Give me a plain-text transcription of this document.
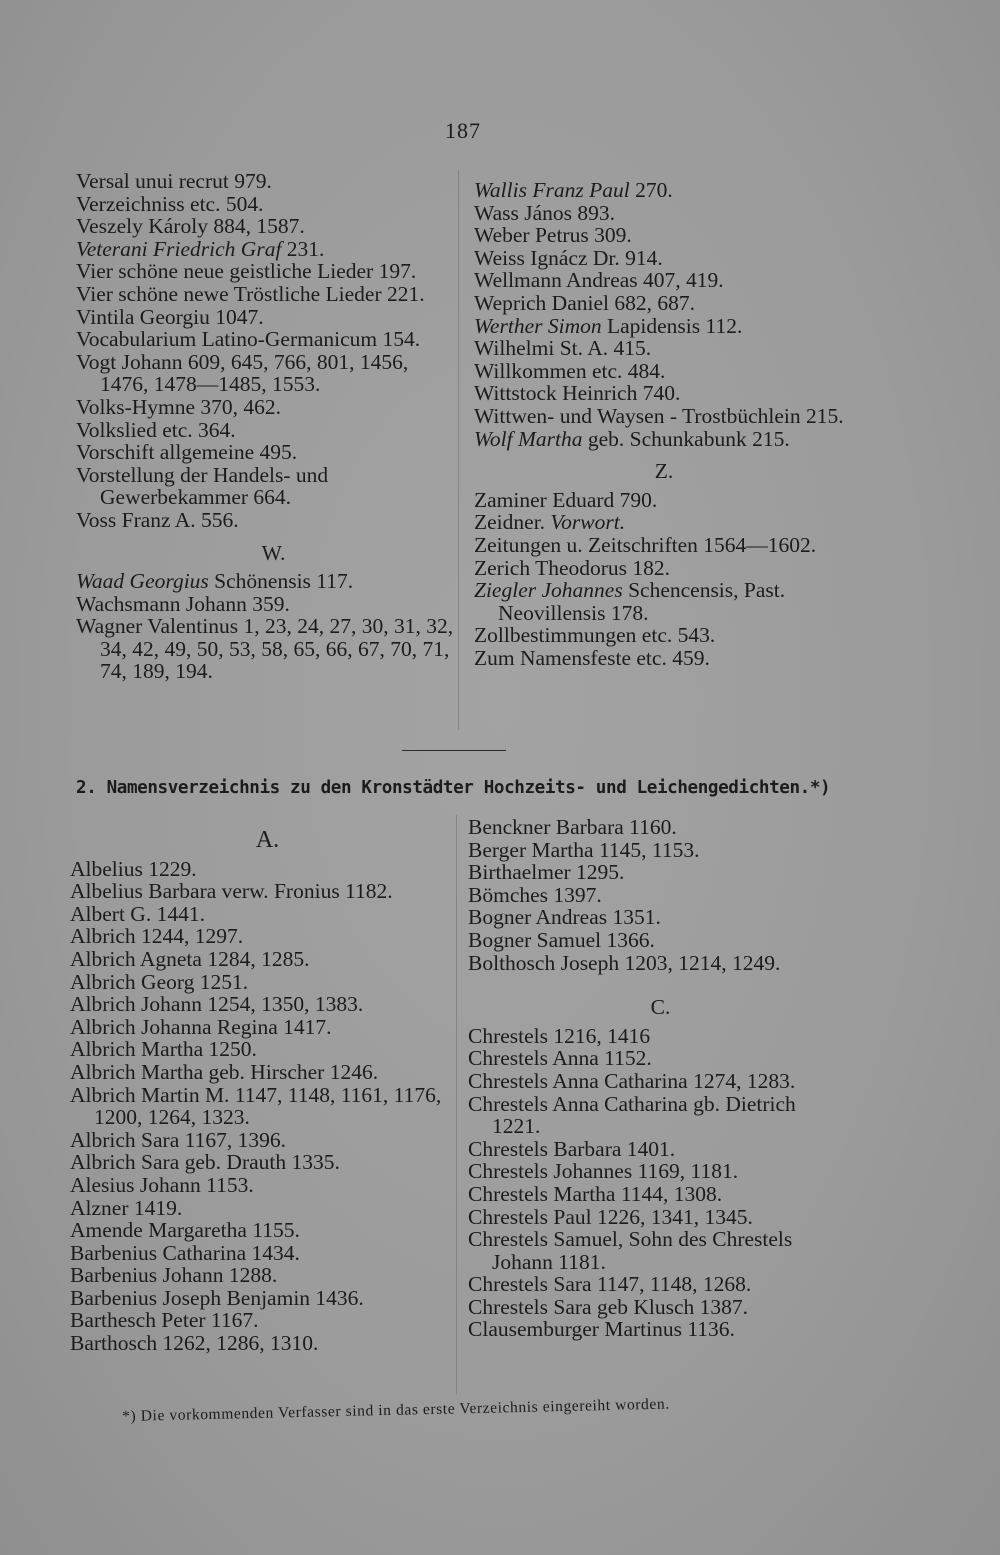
187
Versal unui recrut 979.
Verzeichniss etc. 504.
Veszely Károly 884, 1587.
Veterani Friedrich Graf 231.
Vier schöne neue geistliche Lieder 197.
Vier schöne newe Tröstliche Lieder 221.
Vintila Georgiu 1047.
Vocabularium Latino-Germanicum 154.
Vogt Johann 609, 645, 766, 801, 1456, 1476, 1478—1485, 1553.
Volks-Hymne 370, 462.
Volkslied etc. 364.
Vorschift allgemeine 495.
Vorstellung der Handels- und Gewerbekammer 664.
Voss Franz A. 556.
W.
Waad Georgius Schönensis 117.
Wachsmann Johann 359.
Wagner Valentinus 1, 23, 24, 27, 30, 31, 32, 34, 42, 49, 50, 53, 58, 65, 66, 67, 70, 71, 74, 189, 194.
Wallis Franz Paul 270.
Wass János 893.
Weber Petrus 309.
Weiss Ignácz Dr. 914.
Wellmann Andreas 407, 419.
Weprich Daniel 682, 687.
Werther Simon Lapidensis 112.
Wilhelmi St. A. 415.
Willkommen etc. 484.
Wittstock Heinrich 740.
Wittwen- und Waysen - Trostbüchlein 215.
Wolf Martha geb. Schunkabunk 215.
Z.
Zaminer Eduard 790.
Zeidner. Vorwort.
Zeitungen u. Zeitschriften 1564—1602.
Zerich Theodorus 182.
Ziegler Johannes Schencensis, Past. Neovillensis 178.
Zollbestimmungen etc. 543.
Zum Namensfeste etc. 459.
2. Namensverzeichnis zu den Kronstädter Hochzeits- und Leichengedichten.*)
A.
Albelius 1229.
Albelius Barbara verw. Fronius 1182.
Albert G. 1441.
Albrich 1244, 1297.
Albrich Agneta 1284, 1285.
Albrich Georg 1251.
Albrich Johann 1254, 1350, 1383.
Albrich Johanna Regina 1417.
Albrich Martha 1250.
Albrich Martha geb. Hirscher 1246.
Albrich Martin M. 1147, 1148, 1161, 1176, 1200, 1264, 1323.
Albrich Sara 1167, 1396.
Albrich Sara geb. Drauth 1335.
Alesius Johann 1153.
Alzner 1419.
Amende Margaretha 1155.
Barbenius Catharina 1434.
Barbenius Johann 1288.
Barbenius Joseph Benjamin 1436.
Barthesch Peter 1167.
Barthosch 1262, 1286, 1310.
Benckner Barbara 1160.
Berger Martha 1145, 1153.
Birthaelmer 1295.
Bömches 1397.
Bogner Andreas 1351.
Bogner Samuel 1366.
Bolthosch Joseph 1203, 1214, 1249.
C.
Chrestels 1216, 1416
Chrestels Anna 1152.
Chrestels Anna Catharina 1274, 1283.
Chrestels Anna Catharina gb. Dietrich 1221.
Chrestels Barbara 1401.
Chrestels Johannes 1169, 1181.
Chrestels Martha 1144, 1308.
Chrestels Paul 1226, 1341, 1345.
Chrestels Samuel, Sohn des Chrestels Johann 1181.
Chrestels Sara 1147, 1148, 1268.
Chrestels Sara geb Klusch 1387.
Clausemburger Martinus 1136.
*) Die vorkommenden Verfasser sind in das erste Verzeichnis eingereiht worden.
